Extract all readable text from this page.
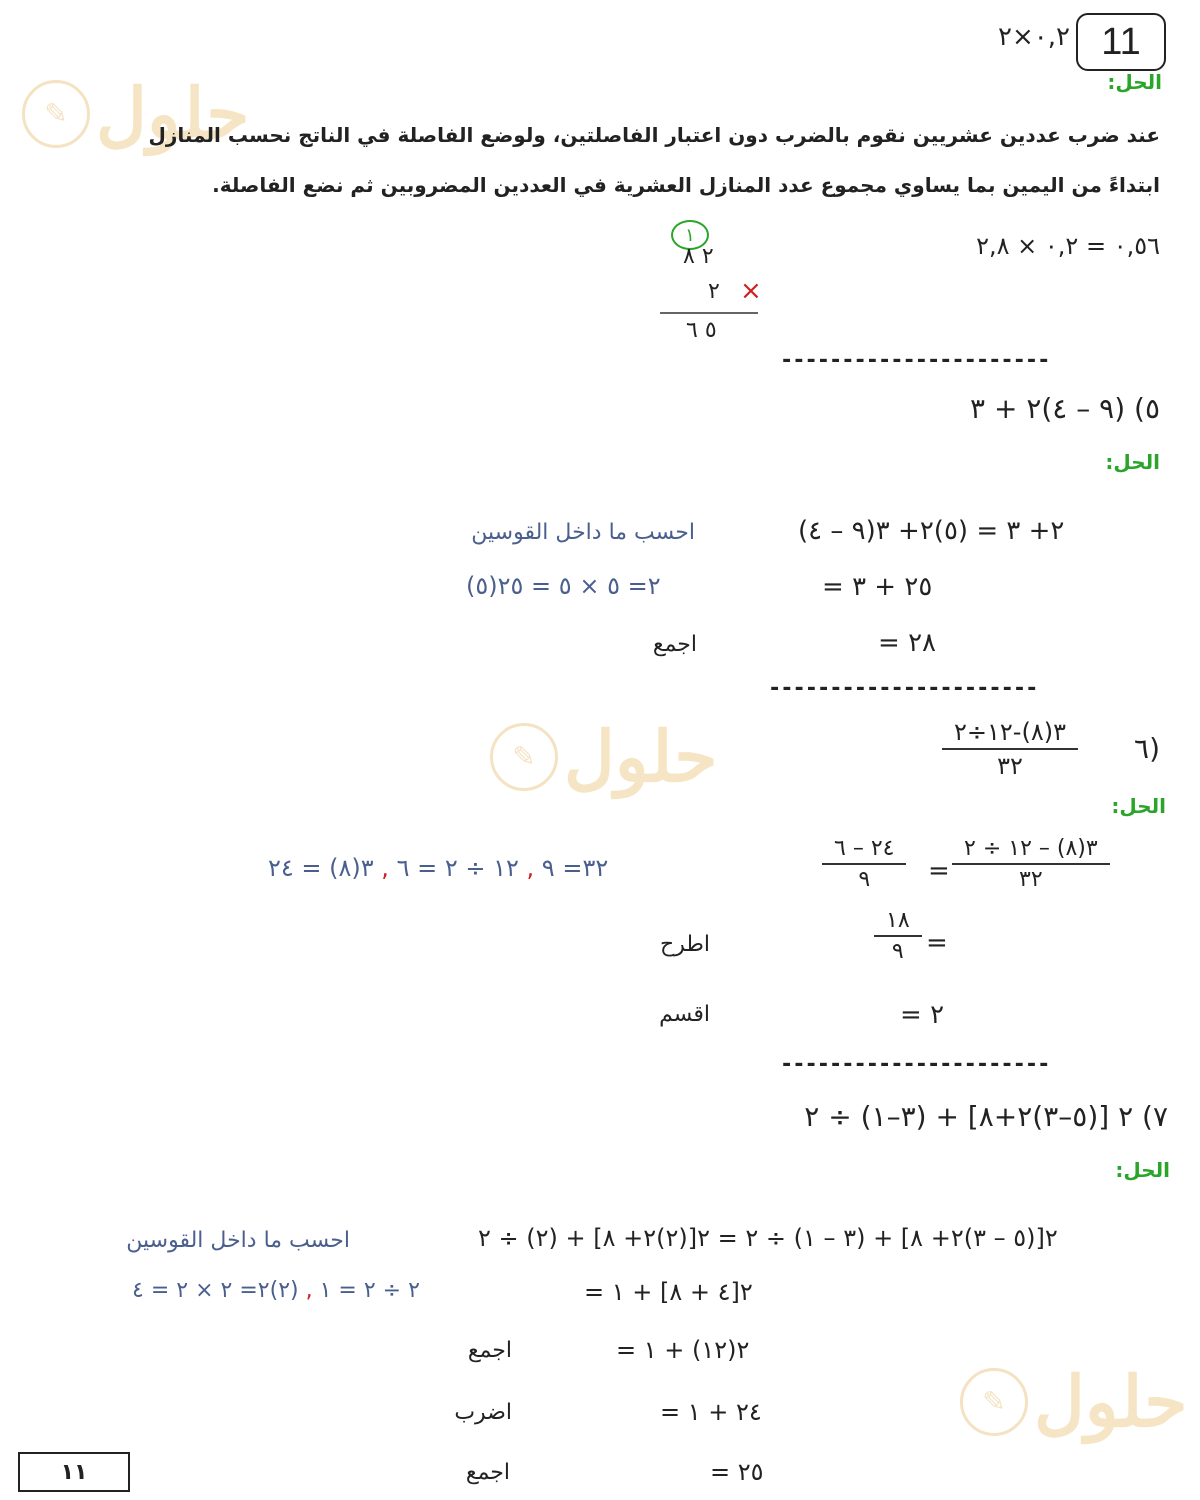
✎ حلول
✎ حلول
✎ حلول
11
٠,٢×٢
الحل:
عند ضرب عددين عشريين نقوم بالضرب دون اعتبار الفاصلتين، ولوضع الفاصلة في الناتج نحسب المنازل
ابتداءً من اليمين بما يساوي مجموع عدد المنازل العشرية في العددين المضروبين ثم نضع الفاصلة.
٠,٥٦ = ٠,٢ × ٢,٨
١
٢ ٨
٢ ×
٥ ٦
----------------------
٥) (٩ – ٤)٢ + ٣
الحل:
(٩ – ٤)٢+ ٣ = (٥)٢+ ٣
احسب ما داخل القوسين
= ٢٥ + ٣
(٥)٢= ٥ × ٥ = ٢٥
= ٢٨
اجمع
----------------------
٦)
٣(٨)-١٢÷٢
٣٢
الحل:
٣(٨) – ١٢ ÷ ٢
٣٢
=
٢٤ – ٦
٩
٣٢= ٩ , ١٢ ÷ ٢ = ٦ , ٣(٨) = ٢٤
١٨
٩ =
اطرح
= ٢
اقسم
----------------------
٧) ٢ [(٥–٣)٢+٨] + (٣–١) ÷ ٢
الحل:
٢[(٥ – ٣)٢+ ٨] + (٣ – ١) ÷ ٢ = ٢[(٢)٢+ ٨] + (٢) ÷ ٢
احسب ما داخل القوسين
= ٢[٤ + ٨] + ١
٢ ÷ ٢ = ١ , (٢)٢= ٢ × ٢ = ٤
= ٢(١٢) + ١
اجمع
= ٢٤ + ١
اضرب
= ٢٥
اجمع
١١
